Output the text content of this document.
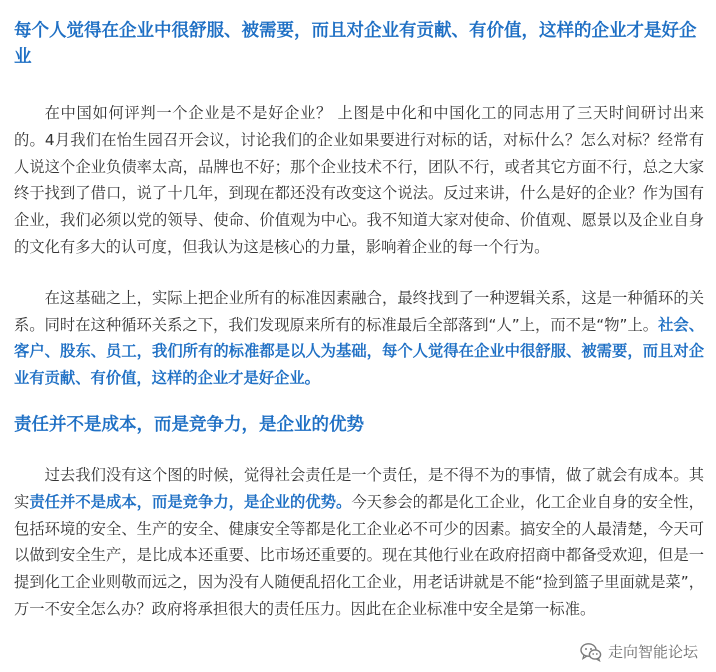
每个人觉得在企业中很舒服、被需要，而且对企业有贡献、有价值，这样的企业才是好企业

在中国如何评判一个企业是不是好企业？ 上图是中化和中国化工的同志用了三天时间研讨出来的。4月我们在怡生园召开会议，讨论我们的企业如果要进行对标的话，对标什么？怎么对标？经常有人说这个企业负债率太高，品牌也不好；那个企业技术不行，团队不行，或者其它方面不行，总之大家终于找到了借口，说了十几年，到现在都还没有改变这个说法。反过来讲，什么是好的企业？作为国有企业，我们必须以党的领导、使命、价值观为中心。我不知道大家对使命、价值观、愿景以及企业自身的文化有多大的认可度，但我认为这是核心的力量，影响着企业的每一个行为。

在这基础之上，实际上把企业所有的标准因素融合，最终找到了一种逻辑关系，这是一种循环的关系。同时在这种循环关系之下，我们发现原来所有的标准最后全部落到“人”上，而不是“物”上。社会、客户、股东、员工，我们所有的标准都是以人为基础，每个人觉得在企业中很舒服、被需要，而且对企业有贡献、有价值，这样的企业才是好企业。

责任并不是成本，而是竞争力，是企业的优势

过去我们没有这个图的时候，觉得社会责任是一个责任，是不得不为的事情，做了就会有成本。其实责任并不是成本，而是竞争力，是企业的优势。今天参会的都是化工企业，化工企业自身的安全性，包括环境的安全、生产的安全、健康安全等都是化工企业必不可少的因素。搞安全的人最清楚，今天可以做到安全生产，是比成本还重要、比市场还重要的。现在其他行业在政府招商中都备受欢迎，但是一提到化工企业则敬而远之，因为没有人随便乱招化工企业，用老话讲就是不能“捡到篮子里面就是菜”，万一不安全怎么办？政府将承担很大的责任压力。因此在企业标准中安全是第一标准。

走向智能论坛
